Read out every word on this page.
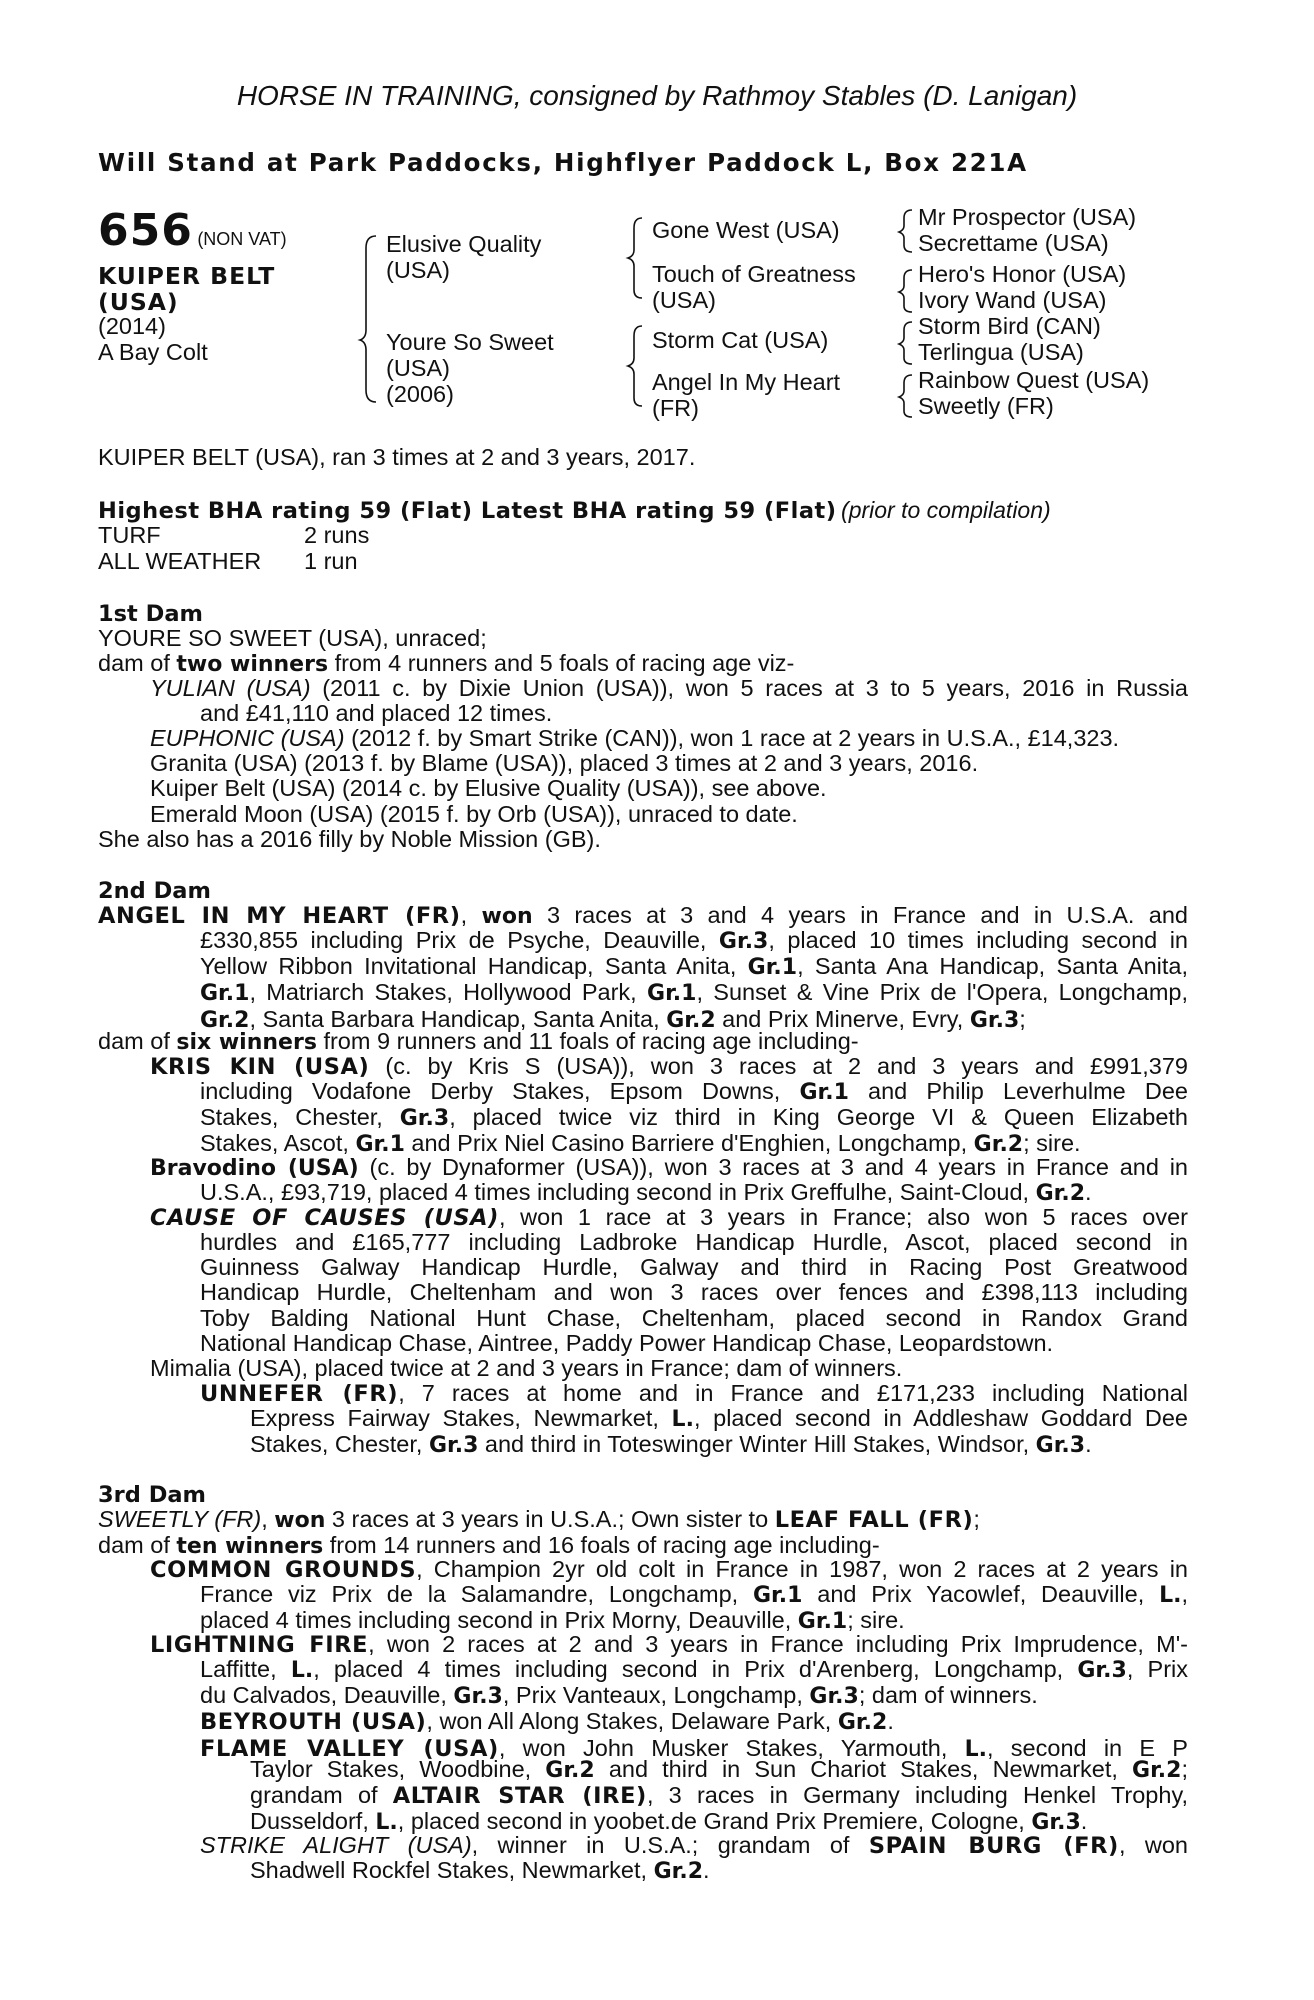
HORSE IN TRAINING, consigned by Rathmoy Stables (D. Lanigan)
Will Stand at Park Paddocks, Highflyer Paddock L, Box 221A
656 (NON VAT)
KUIPER BELT
(USA)
(2014)
A Bay Colt
Elusive Quality
(USA)
Youre So Sweet
(USA)
(2006)
Gone West (USA)
Touch of Greatness
(USA)
Storm Cat (USA)
Angel In My Heart
(FR)
Mr Prospector (USA)
Secrettame (USA)
Hero's Honor (USA)
Ivory Wand (USA)
Storm Bird (CAN)
Terlingua (USA)
Rainbow Quest (USA)
Sweetly (FR)
KUIPER BELT (USA), ran 3 times at 2 and 3 years, 2017.
Highest BHA rating 59 (Flat) Latest BHA rating 59 (Flat) (prior to compilation)
TURF	2 runs
ALL WEATHER 1 run
1st Dam
YOURE SO SWEET (USA), unraced;
dam of two winners from 4 runners and 5 foals of racing age viz-
YULIAN (USA) (2011 c. by Dixie Union (USA)), won 5 races at 3 to 5 years, 2016 in Russia
and £41,110 and placed 12 times.
EUPHONIC (USA) (2012 f. by Smart Strike (CAN)), won 1 race at 2 years in U.S.A., £14,323.
Granita (USA) (2013 f. by Blame (USA)), placed 3 times at 2 and 3 years, 2016.
Kuiper Belt (USA) (2014 c. by Elusive Quality (USA)), see above.
Emerald Moon (USA) (2015 f. by Orb (USA)), unraced to date.
She also has a 2016 filly by Noble Mission (GB).
2nd Dam
ANGEL IN MY HEART (FR), won 3 races at 3 and 4 years in France and in U.S.A. and
£330,855 including Prix de Psyche, Deauville, Gr.3, placed 10 times including second in
Yellow Ribbon Invitational Handicap, Santa Anita, Gr.1, Santa Ana Handicap, Santa Anita,
Gr.1, Matriarch Stakes, Hollywood Park, Gr.1, Sunset & Vine Prix de l'Opera, Longchamp,
Gr.2, Santa Barbara Handicap, Santa Anita, Gr.2 and Prix Minerve, Evry, Gr.3;
dam of six winners from 9 runners and 11 foals of racing age including-
KRIS KIN (USA) (c. by Kris S (USA)), won 3 races at 2 and 3 years and £991,379
including Vodafone Derby Stakes, Epsom Downs, Gr.1 and Philip Leverhulme Dee
Stakes, Chester, Gr.3, placed twice viz third in King George VI & Queen Elizabeth
Stakes, Ascot, Gr.1 and Prix Niel Casino Barriere d'Enghien, Longchamp, Gr.2; sire.
Bravodino (USA) (c. by Dynaformer (USA)), won 3 races at 3 and 4 years in France and in
U.S.A., £93,719, placed 4 times including second in Prix Greffulhe, Saint-Cloud, Gr.2.
CAUSE OF CAUSES (USA), won 1 race at 3 years in France; also won 5 races over
hurdles and £165,777 including Ladbroke Handicap Hurdle, Ascot, placed second in
Guinness Galway Handicap Hurdle, Galway and third in Racing Post Greatwood
Handicap Hurdle, Cheltenham and won 3 races over fences and £398,113 including
Toby Balding National Hunt Chase, Cheltenham, placed second in Randox Grand
National Handicap Chase, Aintree, Paddy Power Handicap Chase, Leopardstown.
Mimalia (USA), placed twice at 2 and 3 years in France; dam of winners.
UNNEFER (FR), 7 races at home and in France and £171,233 including National
Express Fairway Stakes, Newmarket, L., placed second in Addleshaw Goddard Dee
Stakes, Chester, Gr.3 and third in Toteswinger Winter Hill Stakes, Windsor, Gr.3.
3rd Dam
SWEETLY (FR), won 3 races at 3 years in U.S.A.; Own sister to LEAF FALL (FR);
dam of ten winners from 14 runners and 16 foals of racing age including-
COMMON GROUNDS, Champion 2yr old colt in France in 1987, won 2 races at 2 years in
France viz Prix de la Salamandre, Longchamp, Gr.1 and Prix Yacowlef, Deauville, L.,
placed 4 times including second in Prix Morny, Deauville, Gr.1; sire.
LIGHTNING FIRE, won 2 races at 2 and 3 years in France including Prix Imprudence, M'-
Laffitte, L., placed 4 times including second in Prix d'Arenberg, Longchamp, Gr.3, Prix
du Calvados, Deauville, Gr.3, Prix Vanteaux, Longchamp, Gr.3; dam of winners.
BEYROUTH (USA), won All Along Stakes, Delaware Park, Gr.2.
FLAME VALLEY (USA), won John Musker Stakes, Yarmouth, L., second in E P
Taylor Stakes, Woodbine, Gr.2 and third in Sun Chariot Stakes, Newmarket, Gr.2;
grandam of ALTAIR STAR (IRE), 3 races in Germany including Henkel Trophy,
Dusseldorf, L., placed second in yoobet.de Grand Prix Premiere, Cologne, Gr.3.
STRIKE ALIGHT (USA), winner in U.S.A.; grandam of SPAIN BURG (FR), won
Shadwell Rockfel Stakes, Newmarket, Gr.2.
